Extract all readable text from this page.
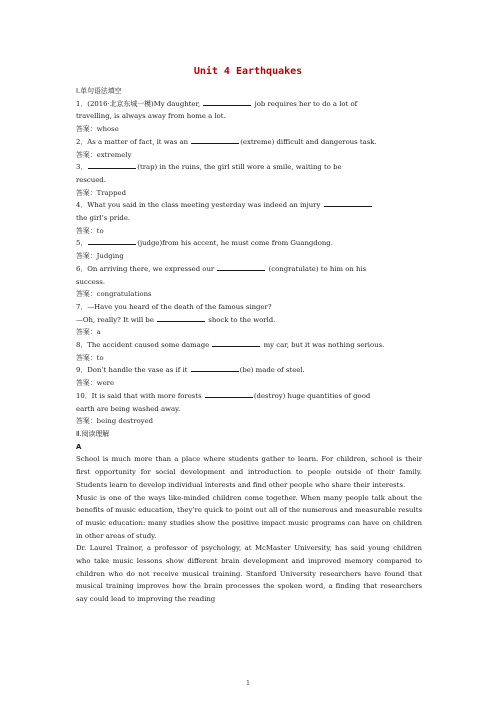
Unit 4 Earthquakes
Ⅰ.单句语法填空
1．(2016·北京东城一模)My daughter,	job requires her to do a lot of
travelling, is always away from home a lot.
答案：whose
2．As a matter of fact, it was an	(extreme) difficult and dangerous task.
答案：extremely
3．	(trap) in the ruins, the girl still wore a smile, waiting to be
rescued.
答案：Trapped
4．What you said in the class meeting yesterday was indeed an injury
the girl’s pride.
答案：to
5．	(judge)from his accent, he must come from Guangdong.
答案：Judging
6．On arriving there, we expressed our	(congratulate) to him on his
success.
答案：congratulations
7．—Have you heard of the death of the famous singer?
—Oh, really? It will be	shock to the world.
答案：a
8．The accident caused some damage	my car, but it was nothing serious.
答案：to
9．Don’t handle the vase as if it	(be) made of steel.
答案：were
10．It is said that with more forests	(destroy) huge quantities of good
earth are being washed away.
答案：being destroyed
Ⅱ.阅读理解
A
School is much more than a place where students gather to learn. For children, school is their first opportunity for social development and introduction to people outside of their family. Students learn to develop individual interests and find other people who share their interests.
Music is one of the ways like-minded children come together. When many people talk about the benefits of music education, they’re quick to point out all of the numerous and measurable results of music education: many studies show the positive impact music programs can have on children in other areas of study.
Dr. Laurel Trainor, a professor of psychology, at McMaster University, has said young children who take music lessons show different brain development and improved memory compared to children who do not receive musical training. Stanford University researchers have found that musical training improves how the brain processes the spoken word, a finding that researchers say could lead to improving the reading
1
